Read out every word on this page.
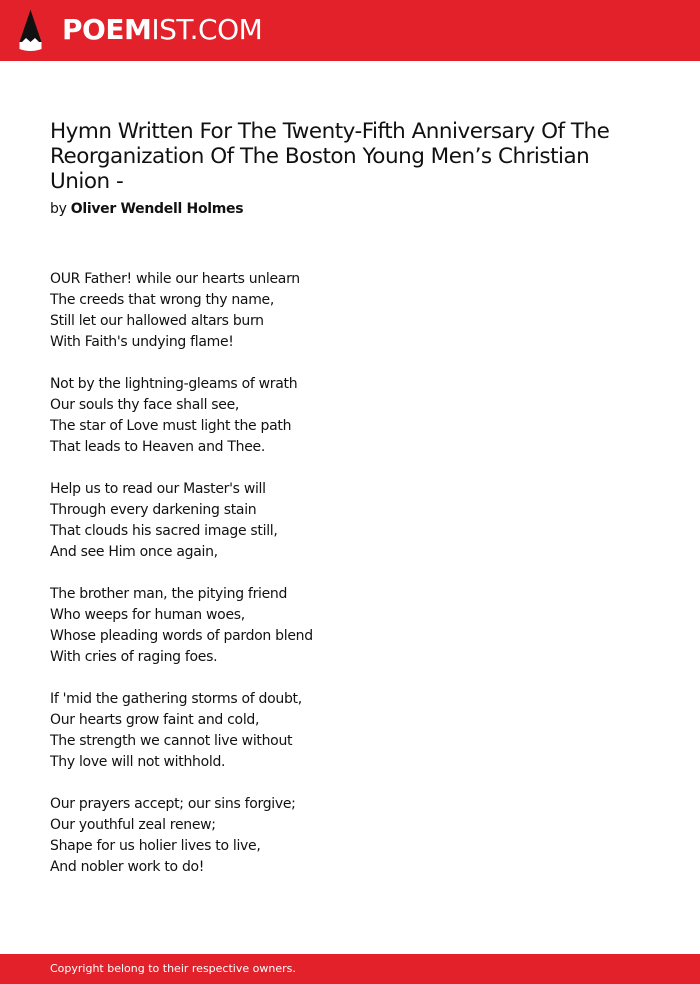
POEMIST.COM
Hymn Written For The Twenty-Fifth Anniversary Of The Reorganization Of The Boston Young Men’s Christian Union -
by Oliver Wendell Holmes
OUR Father! while our hearts unlearn
The creeds that wrong thy name,
Still let our hallowed altars burn
With Faith's undying flame!
Not by the lightning-gleams of wrath
Our souls thy face shall see,
The star of Love must light the path
That leads to Heaven and Thee.
Help us to read our Master's will
Through every darkening stain
That clouds his sacred image still,
And see Him once again,
The brother man, the pitying friend
Who weeps for human woes,
Whose pleading words of pardon blend
With cries of raging foes.
If 'mid the gathering storms of doubt,
Our hearts grow faint and cold,
The strength we cannot live without
Thy love will not withhold.
Our prayers accept; our sins forgive;
Our youthful zeal renew;
Shape for us holier lives to live,
And nobler work to do!
Copyright belong to their respective owners.
